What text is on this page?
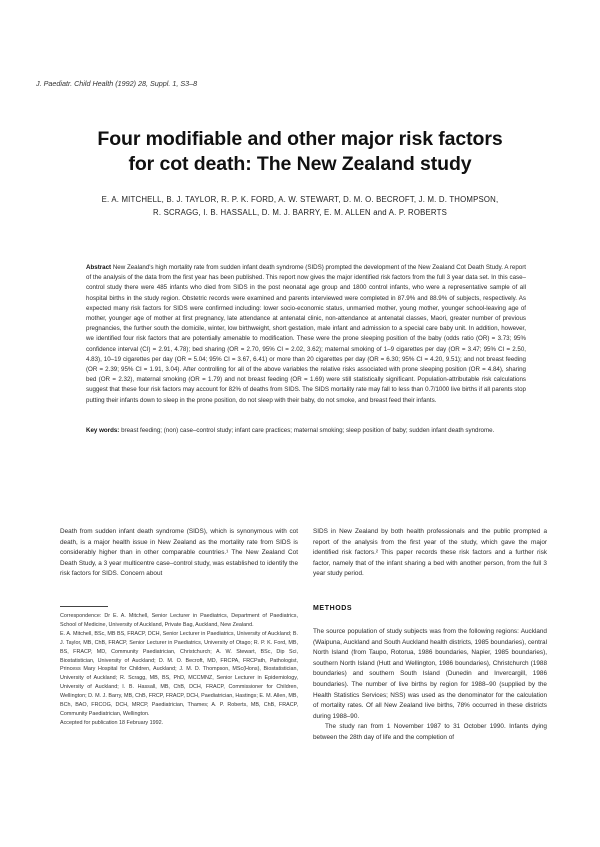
J. Paediatr. Child Health (1992) 28, Suppl. 1, S3–8
Four modifiable and other major risk factors
for cot death: The New Zealand study
E. A. MITCHELL, B. J. TAYLOR, R. P. K. FORD, A. W. STEWART, D. M. O. BECROFT, J. M. D. THOMPSON,
R. SCRAGG, I. B. HASSALL, D. M. J. BARRY, E. M. ALLEN and A. P. ROBERTS
Abstract New Zealand's high mortality rate from sudden infant death syndrome (SIDS) prompted the development of the New Zealand Cot Death Study. A report of the analysis of the data from the first year has been published. This report now gives the major identified risk factors from the full 3 year data set. In this case–control study there were 485 infants who died from SIDS in the post neonatal age group and 1800 control infants, who were a representative sample of all hospital births in the study region. Obstetric records were examined and parents interviewed were completed in 87.9% and 88.9% of subjects, respectively. As expected many risk factors for SIDS were confirmed including: lower socio-economic status, unmarried mother, young mother, younger school-leaving age of mother, younger age of mother at first pregnancy, late attendance at antenatal clinic, non-attendance at antenatal classes, Maori, greater number of previous pregnancies, the further south the domicile, winter, low birthweight, short gestation, male infant and admission to a special care baby unit. In addition, however, we identified four risk factors that are potentially amenable to modification. These were the prone sleeping position of the baby (odds ratio (OR) = 3.73; 95% confidence interval (CI) = 2.91, 4.78); bed sharing (OR = 2.70, 95% CI = 2.02, 3.62); maternal smoking of 1–9 cigarettes per day (OR = 3.47; 95% CI = 2.50, 4.83), 10–19 cigarettes per day (OR = 5.04; 95% CI = 3.67, 6.41) or more than 20 cigarettes per day (OR = 6.30; 95% CI = 4.20, 9.51); and not breast feeding (OR = 2.39; 95% CI = 1.91, 3.04). After controlling for all of the above variables the relative risks associated with prone sleeping position (OR = 4.84), sharing bed (OR = 2.32), maternal smoking (OR = 1.79) and not breast feeding (OR = 1.69) were still statistically significant. Population-attributable risk calculations suggest that these four risk factors may account for 82% of deaths from SIDS. The SIDS mortality rate may fall to less than 0.7/1000 live births if all parents stop putting their infants down to sleep in the prone position, do not sleep with their baby, do not smoke, and breast feed their infants.
Key words: breast feeding; (non) case–control study; infant care practices; maternal smoking; sleep position of baby; sudden infant death syndrome.

Death from sudden infant death syndrome (SIDS), which is synonymous with cot death, is a major health issue in New Zealand as the mortality rate from SIDS is considerably higher than in other comparable countries.¹ The New Zealand Cot Death Study, a 3 year multicentre case–control study, was established to identify the risk factors for SIDS. Concern about

Correspondence: Dr E. A. Mitchell, Senior Lecturer in Paediatrics, Department of Paediatrics, School of Medicine, University of Auckland, Private Bag, Auckland, New Zealand.

E. A. Mitchell, BSc, MB BS, FRACP, DCH, Senior Lecturer in Paediatrics, University of Auckland; B. J. Taylor, MB, ChB, FRACP, Senior Lecturer in Paediatrics, University of Otago; R. P. K. Ford, MB, BS, FRACP, MD, Community Paediatrician, Christchurch; A. W. Stewart, BSc, Dip Sci, Biostatistician, University of Auckland; D. M. O. Becroft, MD, FRCPA, FRCPath, Pathologist, Princess Mary Hospital for Children, Auckland; J. M. D. Thompson, MSc(Hons), Biostatistician, University of Auckland; R. Scragg, MB, BS, PhD, MCCMNZ, Senior Lecturer in Epidemiology, University of Auckland; I. B. Hassall, MB, ChB, DCH, FRACP, Commissioner for Children, Wellington; D. M. J. Barry, MB, ChB, FRCP, FRACP, DCH, Paediatrician, Hastings; E. M. Allen, MB, BCh, BAO, FRCOG, DCH, MRCP, Paediatrician, Thames; A. P. Roberts, MB, ChB, FRACP, Community Paediatrician, Wellington.

Accepted for publication 18 February 1992.

SIDS in New Zealand by both health professionals and the public prompted a report of the analysis from the first year of the study, which gave the major identified risk factors.² This paper records these risk factors and a further risk factor, namely that of the infant sharing a bed with another person, from the full 3 year study period.

METHODS

The source population of study subjects was from the following regions: Auckland (Waipuna, Auckland and South Auckland health districts, 1985 boundaries), central North Island (from Taupo, Rotorua, 1986 boundaries, Napier, 1985 boundaries), southern North Island (Hutt and Wellington, 1986 boundaries), Christchurch (1988 boundaries) and southern South Island (Dunedin and Invercargill, 1986 boundaries). The number of live births by region for 1988–90 (supplied by the Health Statistics Services; NSS) was used as the denominator for the calculation of mortality rates. Of all New Zealand live births, 78% occurred in these districts during 1988–90.

The study ran from 1 November 1987 to 31 October 1990. Infants dying between the 28th day of life and the completion of
